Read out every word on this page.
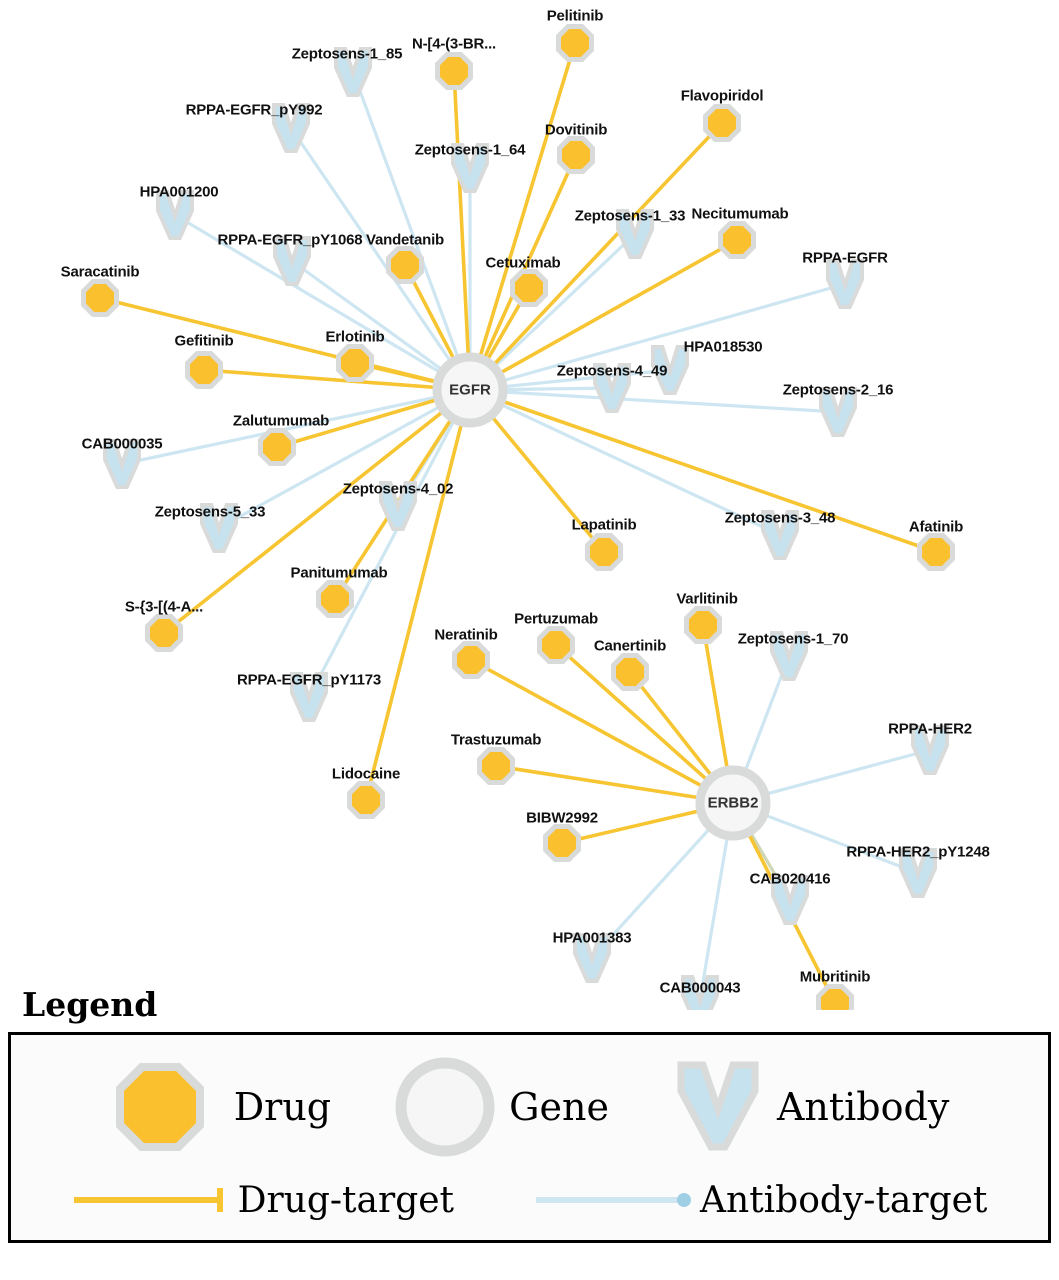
Pelitinib
N-[4-(3-BR...
Flavopiridol
Dovitinib
Necitumumab
Vandetanib
Cetuximab
Saracatinib
Erlotinib
Gefitinib
Zalutumumab
Afatinib
Lapatinib
Varlitinib
Panitumumab
S-{3-[(4-A...
Pertuzumab
Neratinib
Canertinib
Trastuzumab
Lidocaine
BIBW2992
Mubritinib
Zeptosens-1_85
RPPA-EGFR_pY992
Zeptosens-1_64
HPA001200
Zeptosens-1_33
RPPA-EGFR_pY1068
RPPA-EGFR
HPA018530
Zeptosens-4_49
Zeptosens-2_16
CAB000035
Zeptosens-4_02
Zeptosens-5_33	Zeptosens-3_48
Zeptosens-1_70
RPPA-EGFR_pY1173
RPPA-HER2
RPPA-HER2_pY1248
CAB020416
HPA001383
CAB000043
EGFR
ERBB2
Legend
Drug	Gene	Antibody
Drug-target	Antibody-target
